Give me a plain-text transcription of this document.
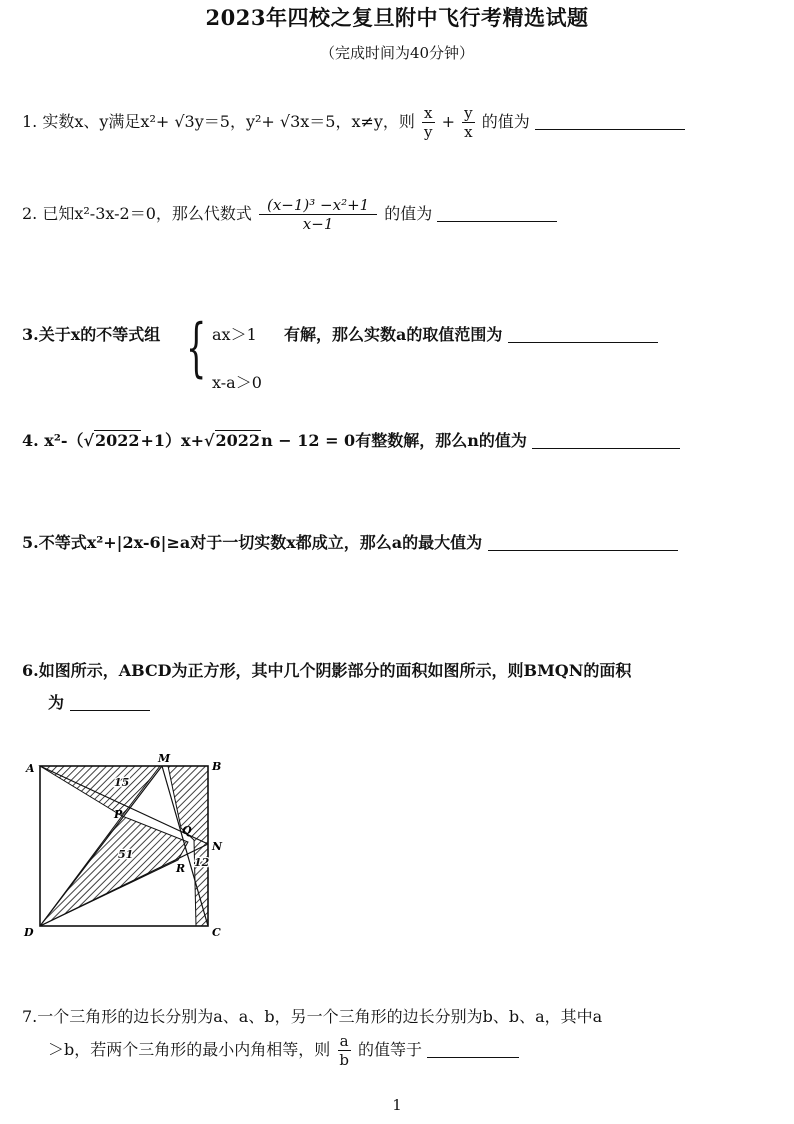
2023年四校之复旦附中飞行考精选试题
（完成时间为40分钟）
1. 实数x、y满足x²+ √3y＝5，y²+ √3x＝5，x≠y，则 $\frac{x}{y} + \frac{y}{x}$ 的值为
2. 已知x²-3x-2＝0，那么代数式 $\frac{\text{(x−1)³ −x²+1}}{x-1}$ 的值为
3.关于x的不等式组 { ax＞1
x-a＞0
有解，那么实数a的取值范围为
4. x²-（√2022+1）x+√2022n − 12 = 0有整数解，那么n的值为
5.不等式x²+|2x-6|≥a对于一切实数x都成立，那么a的最大值为
6.如图所示，ABCD为正方形，其中几个阴影部分的面积如图所示，则BMQN的面积
为
A
M
B
P
Q
N
R
D	C
15
51
12
7.一个三角形的边长分别为a、a、b，另一个三角形的边长分别为b、b、a，其中a
＞b，若两个三角形的最小内角相等，则 $\frac{a}{b}$ 的值等于
1
